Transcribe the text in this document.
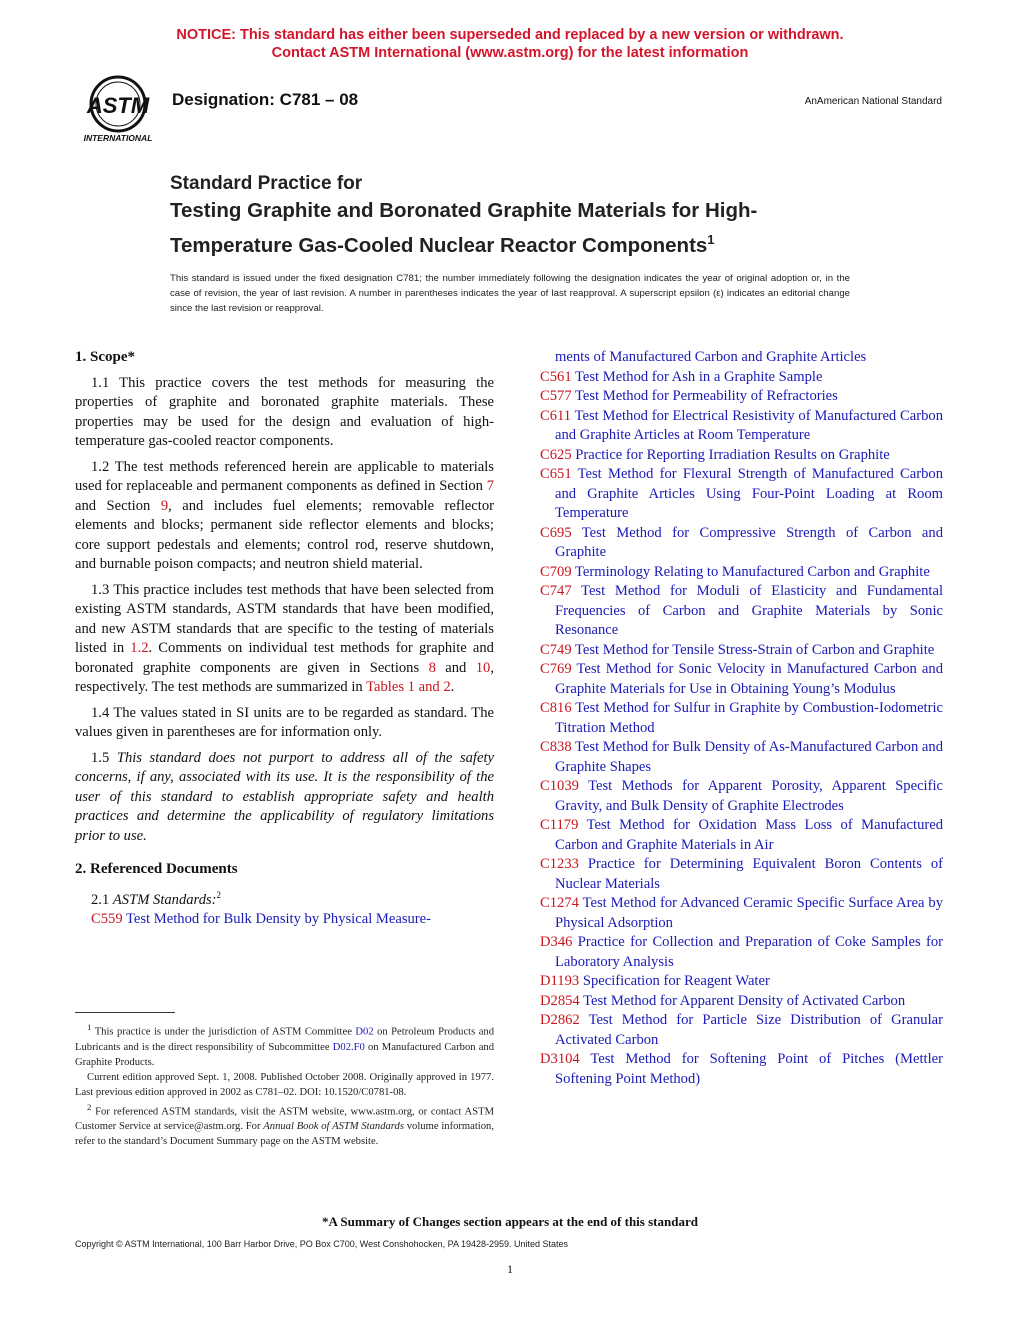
NOTICE: This standard has either been superseded and replaced by a new version or withdrawn.
Contact ASTM International (www.astm.org) for the latest information
ASTM
INTERNATIONAL
Designation: C781 – 08	AnAmerican National Standard
Standard Practice for
Testing Graphite and Boronated Graphite Materials for High-
Temperature Gas-Cooled Nuclear Reactor Components$^1$
This standard is issued under the fixed designation C781; the number immediately following the designation indicates the year of original adoption or, in the case of revision, the year of last revision. A number in parentheses indicates the year of last reapproval. A superscript epsilon (ε) indicates an editorial change since the last revision or reapproval.
1. Scope*

1.1 This practice covers the test methods for measuring the properties of graphite and boronated graphite materials. These properties may be used for the design and evaluation of high-temperature gas-cooled reactor components.

1.2 The test methods referenced herein are applicable to materials used for replaceable and permanent components as defined in Section 7 and Section 9, and includes fuel elements; removable reflector elements and blocks; permanent side reflector elements and blocks; core support pedestals and elements; control rod, reserve shutdown, and burnable poison compacts; and neutron shield material.

1.3 This practice includes test methods that have been selected from existing ASTM standards, ASTM standards that have been modified, and new ASTM standards that are specific to the testing of materials listed in 1.2. Comments on individual test methods for graphite and boronated graphite components are given in Sections 8 and 10, respectively. The test methods are summarized in Tables 1 and 2.

1.4 The values stated in SI units are to be regarded as standard. The values given in parentheses are for information only.

1.5 This standard does not purport to address all of the safety concerns, if any, associated with its use. It is the responsibility of the user of this standard to establish appropriate safety and health practices and determine the applicability of regulatory limitations prior to use.

2. Referenced Documents
2.1 ASTM Standards:$^2$
C559 Test Method for Bulk Density by Physical Measure-

$^1$ This practice is under the jurisdiction of ASTM Committee D02 on Petroleum Products and Lubricants and is the direct responsibility of Subcommittee D02.F0 on Manufactured Carbon and Graphite Products.

Current edition approved Sept. 1, 2008. Published October 2008. Originally approved in 1977. Last previous edition approved in 2002 as C781–02. DOI: 10.1520/C0781-08.

$^2$ For referenced ASTM standards, visit the ASTM website, www.astm.org, or contact ASTM Customer Service at service@astm.org. For Annual Book of ASTM Standards volume information, refer to the standard’s Document Summary page on the ASTM website.

ments of Manufactured Carbon and Graphite Articles

C561 Test Method for Ash in a Graphite Sample

C577 Test Method for Permeability of Refractories

C611 Test Method for Electrical Resistivity of Manufactured Carbon and Graphite Articles at Room Temperature

C625 Practice for Reporting Irradiation Results on Graphite

C651 Test Method for Flexural Strength of Manufactured Carbon and Graphite Articles Using Four-Point Loading at Room Temperature

C695 Test Method for Compressive Strength of Carbon and Graphite

C709 Terminology Relating to Manufactured Carbon and Graphite

C747 Test Method for Moduli of Elasticity and Fundamental Frequencies of Carbon and Graphite Materials by Sonic Resonance

C749 Test Method for Tensile Stress-Strain of Carbon and Graphite

C769 Test Method for Sonic Velocity in Manufactured Carbon and Graphite Materials for Use in Obtaining Young’s Modulus

C816 Test Method for Sulfur in Graphite by Combustion-Iodometric Titration Method

C838 Test Method for Bulk Density of As-Manufactured Carbon and Graphite Shapes

C1039 Test Methods for Apparent Porosity, Apparent Specific Gravity, and Bulk Density of Graphite Electrodes

C1179 Test Method for Oxidation Mass Loss of Manufactured Carbon and Graphite Materials in Air

C1233 Practice for Determining Equivalent Boron Contents of Nuclear Materials

C1274 Test Method for Advanced Ceramic Specific Surface Area by Physical Adsorption

D346 Practice for Collection and Preparation of Coke Samples for Laboratory Analysis

D1193 Specification for Reagent Water

D2854 Test Method for Apparent Density of Activated Carbon

D2862 Test Method for Particle Size Distribution of Granular Activated Carbon

D3104 Test Method for Softening Point of Pitches (Mettler Softening Point Method)

*A Summary of Changes section appears at the end of this standard
Copyright © ASTM International, 100 Barr Harbor Drive, PO Box C700, West Conshohocken, PA 19428-2959. United States
1
